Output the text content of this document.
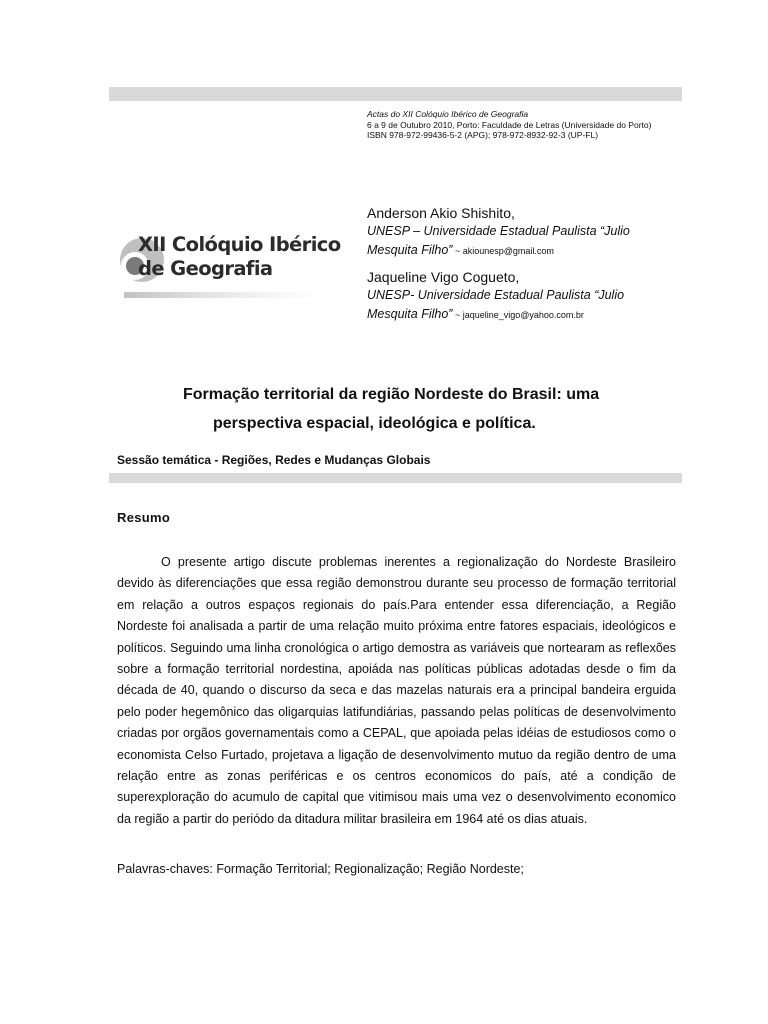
Actas do XII Colóquio Ibérico de Geografia
6 a 9 de Outubro 2010, Porto: Faculdade de Letras (Universidade do Porto)
ISBN 978-972-99436-5-2 (APG); 978-972-8932-92-3 (UP-FL)
XII Colóquio Ibérico
de Geografia
Anderson Akio Shishito,
UNESP – Universidade Estadual Paulista “Julio
Mesquita Filho” ~ akiounesp@gmail.com
Jaqueline Vigo Cogueto,
UNESP- Universidade Estadual Paulista “Julio
Mesquita Filho” ~ jaqueline_vigo@yahoo.com.br
Formação territorial da região Nordeste do Brasil: uma
perspectiva espacial, ideológica e política.
Sessão temática - Regiões, Redes e Mudanças Globais
Resumo

O presente artigo discute problemas inerentes a regionalização do Nordeste Brasileiro devido às diferenciações que essa região demonstrou durante seu processo de formação territorial em relação a outros espaços regionais do país.Para entender essa diferenciação, a Região Nordeste foi analisada a partir de uma relação muito próxima entre fatores espaciais, ideológicos e políticos. Seguindo uma linha cronológica o artigo demostra as variáveis que nortearam as reflexões sobre a formação territorial nordestina, apoiáda nas políticas públicas adotadas desde o fim da década de 40, quando o discurso da seca e das mazelas naturais era a principal bandeira erguida pelo poder hegemônico das oligarquias latifundiárias, passando pelas políticas de desenvolvimento criadas por orgãos governamentais como a CEPAL, que apoiada pelas idéias de estudiosos como o economista Celso Furtado, projetava a ligação de desenvolvimento mutuo da região dentro de uma relação entre as zonas periféricas e os centros economicos do país, até a condição de superexploração do acumulo de capital que vitimisou mais uma vez o desenvolvimento economico da região a partir do periódo da ditadura militar brasileira em 1964 até os dias atuais.

Palavras-chaves: Formação Territorial; Regionalização; Região Nordeste;
